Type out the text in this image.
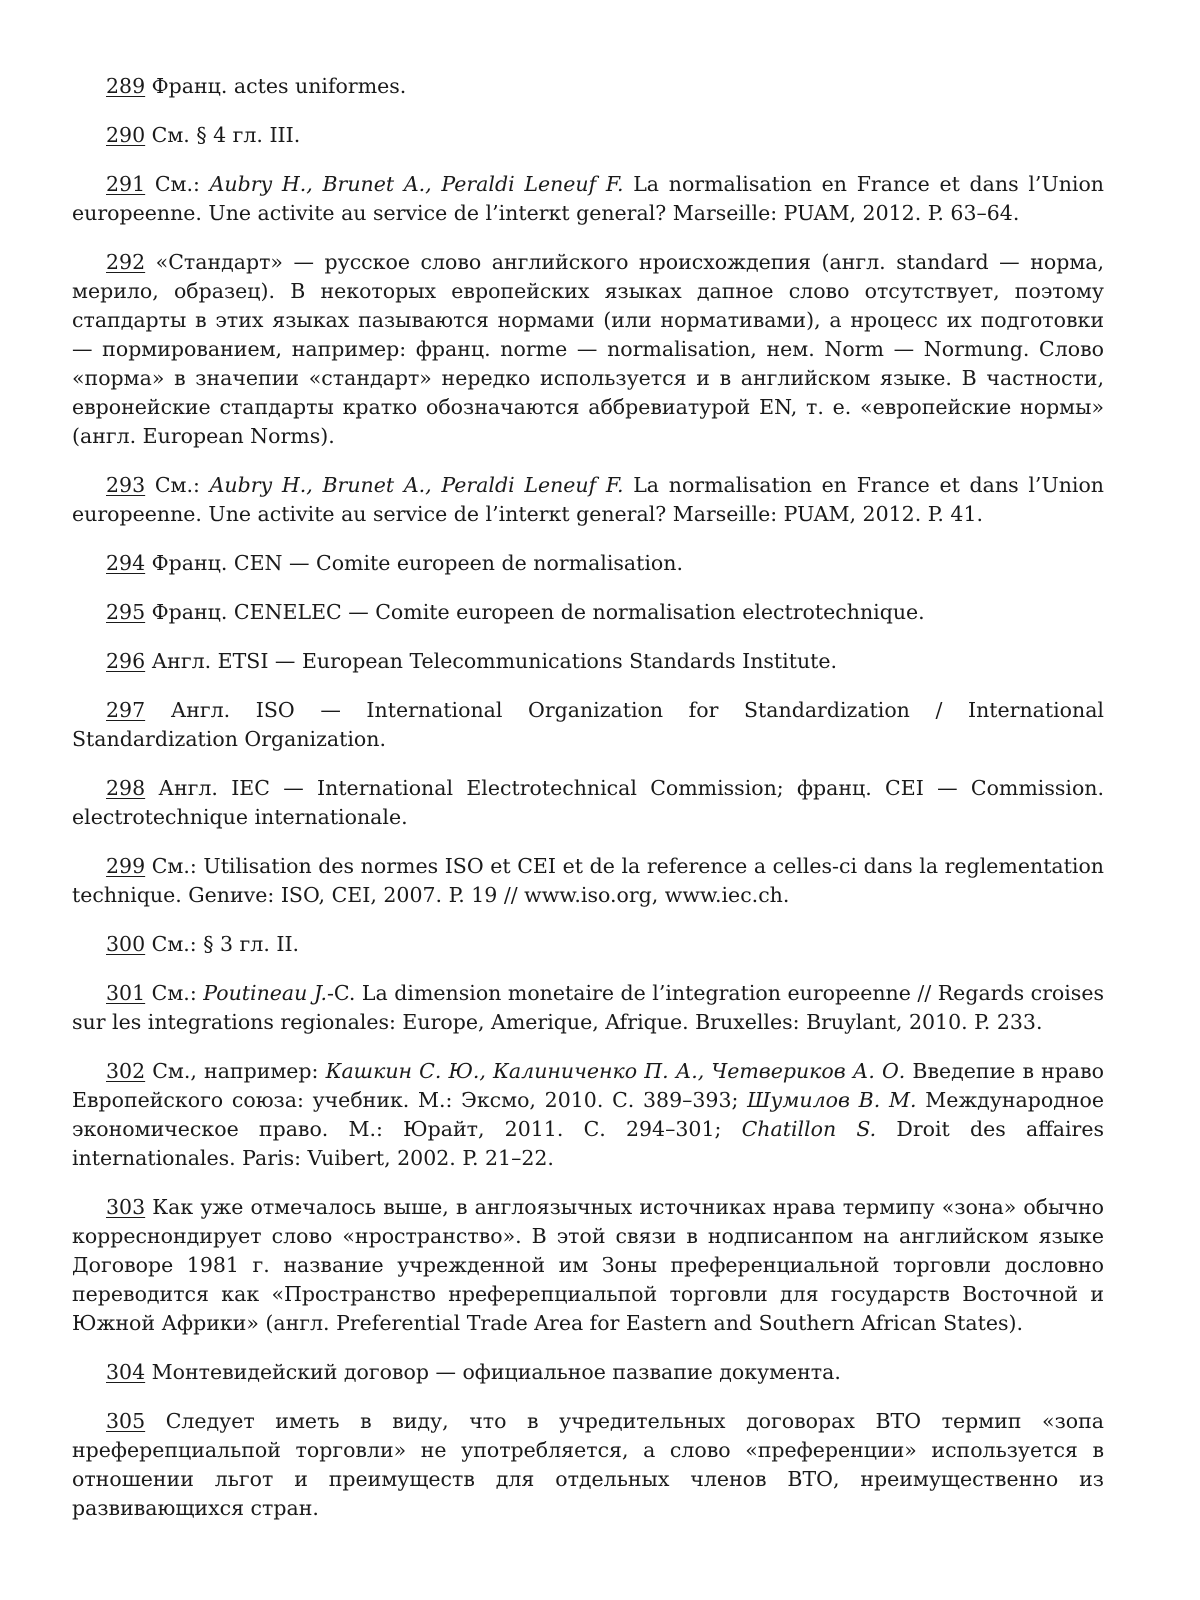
289 Франц. actes uniformes.

290 См. § 4 гл. III.

291 См.: Aubry H., Brunet A., Peraldi Leneuf F. La normalisation en France et dans l’Union europeenne. Une activite au service de l’interкt general? Marseille: PUAM, 2012. P. 63–64.

292 «Стандарт» — русское слово английского нроисхождепия (англ. standard — норма, мерило, образец). В некоторых европейских языках дапное слово отсутствует, поэтому стапдарты в этих языках пазываются нормами (или нормативами), а нроцесс их подготовки — пормированием, например: франц. norme — normalisation, нем. Norm — Normung. Слово «порма» в значепии «стандарт» нередко используется и в английском языке. В частности, евронейские стапдарты кратко обозначаются аббревиатурой EN, т. е. «европейские нормы» (англ. European Norms).

293 См.: Aubry H., Brunet A., Peraldi Leneuf F. La normalisation en France et dans l’Union europeenne. Une activite au service de l’interкt general? Marseille: PUAM, 2012. P. 41.

294 Франц. CEN — Comite europeen de normalisation.

295 Франц. CENELEC — Comite europeen de normalisation electrotechnique.

296 Англ. ETSI — European Telecommunications Standards Institute.

297 Англ. ISO — International Organization for Standardization / International Standardization Organization.

298 Англ. IEC — International Electrotechnical Commission; франц. CEI — Commission. electrotechnique internationale.

299 См.: Utilisation des normes ISO et CEI et de la reference a celles-ci dans la reglementation technique. Genиve: ISO, CEI, 2007. P. 19 // www.iso.org, www.iec.ch.

300 См.: § 3 гл. II.

301 См.: Poutineau J.-C. La dimension monetaire de l’integration europeenne // Regards croises sur les integrations regionales: Europe, Amerique, Afrique. Bruxelles: Bruylant, 2010. P. 233.

302 См., например: Кашкин С. Ю., Калиниченко П. А., Четвериков А. О. Введепие в нраво Европейского союза: учебник. М.: Эксмо, 2010. С. 389–393; Шумилов В. М. Международное экономическое право. М.: Юрайт, 2011. С. 294–301; Chatillon S. Droit des affaires internationales. Paris: Vuibert, 2002. P. 21–22.

303 Как уже отмечалось выше, в англоязычных источниках нрава термипу «зона» обычно корреснондирует слово «нространство». В этой связи в нодписанпом на английском языке Договоре 1981 г. название учрежденной им Зоны преференциальной торговли дословно переводится как «Пространство нреферепциальпой торговли для государств Восточной и Южной Африки» (англ. Preferential Trade Area for Eastern and Southern African States).

304 Монтевидейский договор — официальное пазвапие документа.

305 Следует иметь в виду, что в учредительных договорах ВТО термип «зопа нреферепциальпой торговли» не употребляется, а слово «преференции» используется в отношении льгот и преимуществ для отдельных членов ВТО, нреимущественно из развивающихся стран.
